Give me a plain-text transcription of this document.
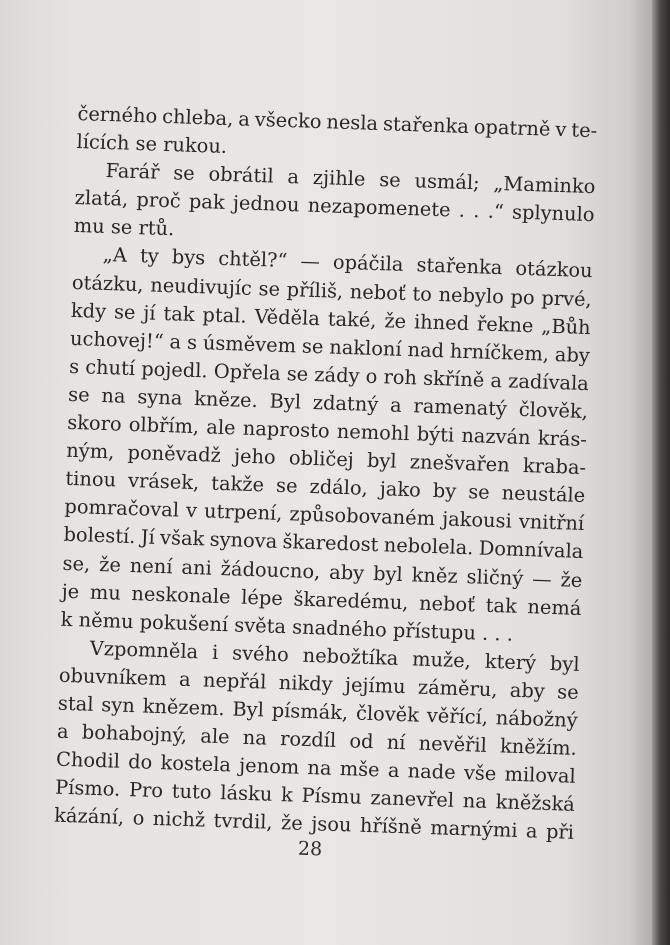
černého chleba, a všecko nesla stařenka opatrně v te-
lících se rukou.
Farář se obrátil a zjihle se usmál; „Maminko
zlatá, proč pak jednou nezapomenete . . .“ splynulo
mu se rtů.
„A ty bys chtěl?“ — opáčila stařenka otázkou
otázku, neudivujíc se příliš, neboť to nebylo po prvé,
kdy se jí tak ptal. Věděla také, že ihned řekne „Bůh
uchovej!“ a s úsměvem se nakloní nad hrníčkem, aby
s chutí pojedl. Opřela se zády o roh skříně a zadívala
se na syna kněze. Byl zdatný a ramenatý člověk,
skoro olbřím, ale naprosto nemohl býti nazván krás-
ným, poněvadž jeho obličej byl znešvařen kraba-
tinou vrásek, takže se zdálo, jako by se neustále
pomračoval v utrpení, způsobovaném jakousi vnitřní
bolestí. Jí však synova škaredost nebolela. Domnívala
se, že není ani žádoucno, aby byl kněz sličný — že
je mu neskonale lépe škaredému, neboť tak nemá
k němu pokušení světa snadného přístupu . . .
Vzpomněla i svého nebožtíka muže, který byl
obuvníkem a nepřál nikdy jejímu záměru, aby se
stal syn knězem. Byl písmák, člověk věřící, nábožný
a bohabojný, ale na rozdíl od ní nevěřil kněžím.
Chodil do kostela jenom na mše a nade vše miloval
Písmo. Pro tuto lásku k Písmu zanevřel na kněžská
kázání, o nichž tvrdil, že jsou hříšně marnými a při
28
